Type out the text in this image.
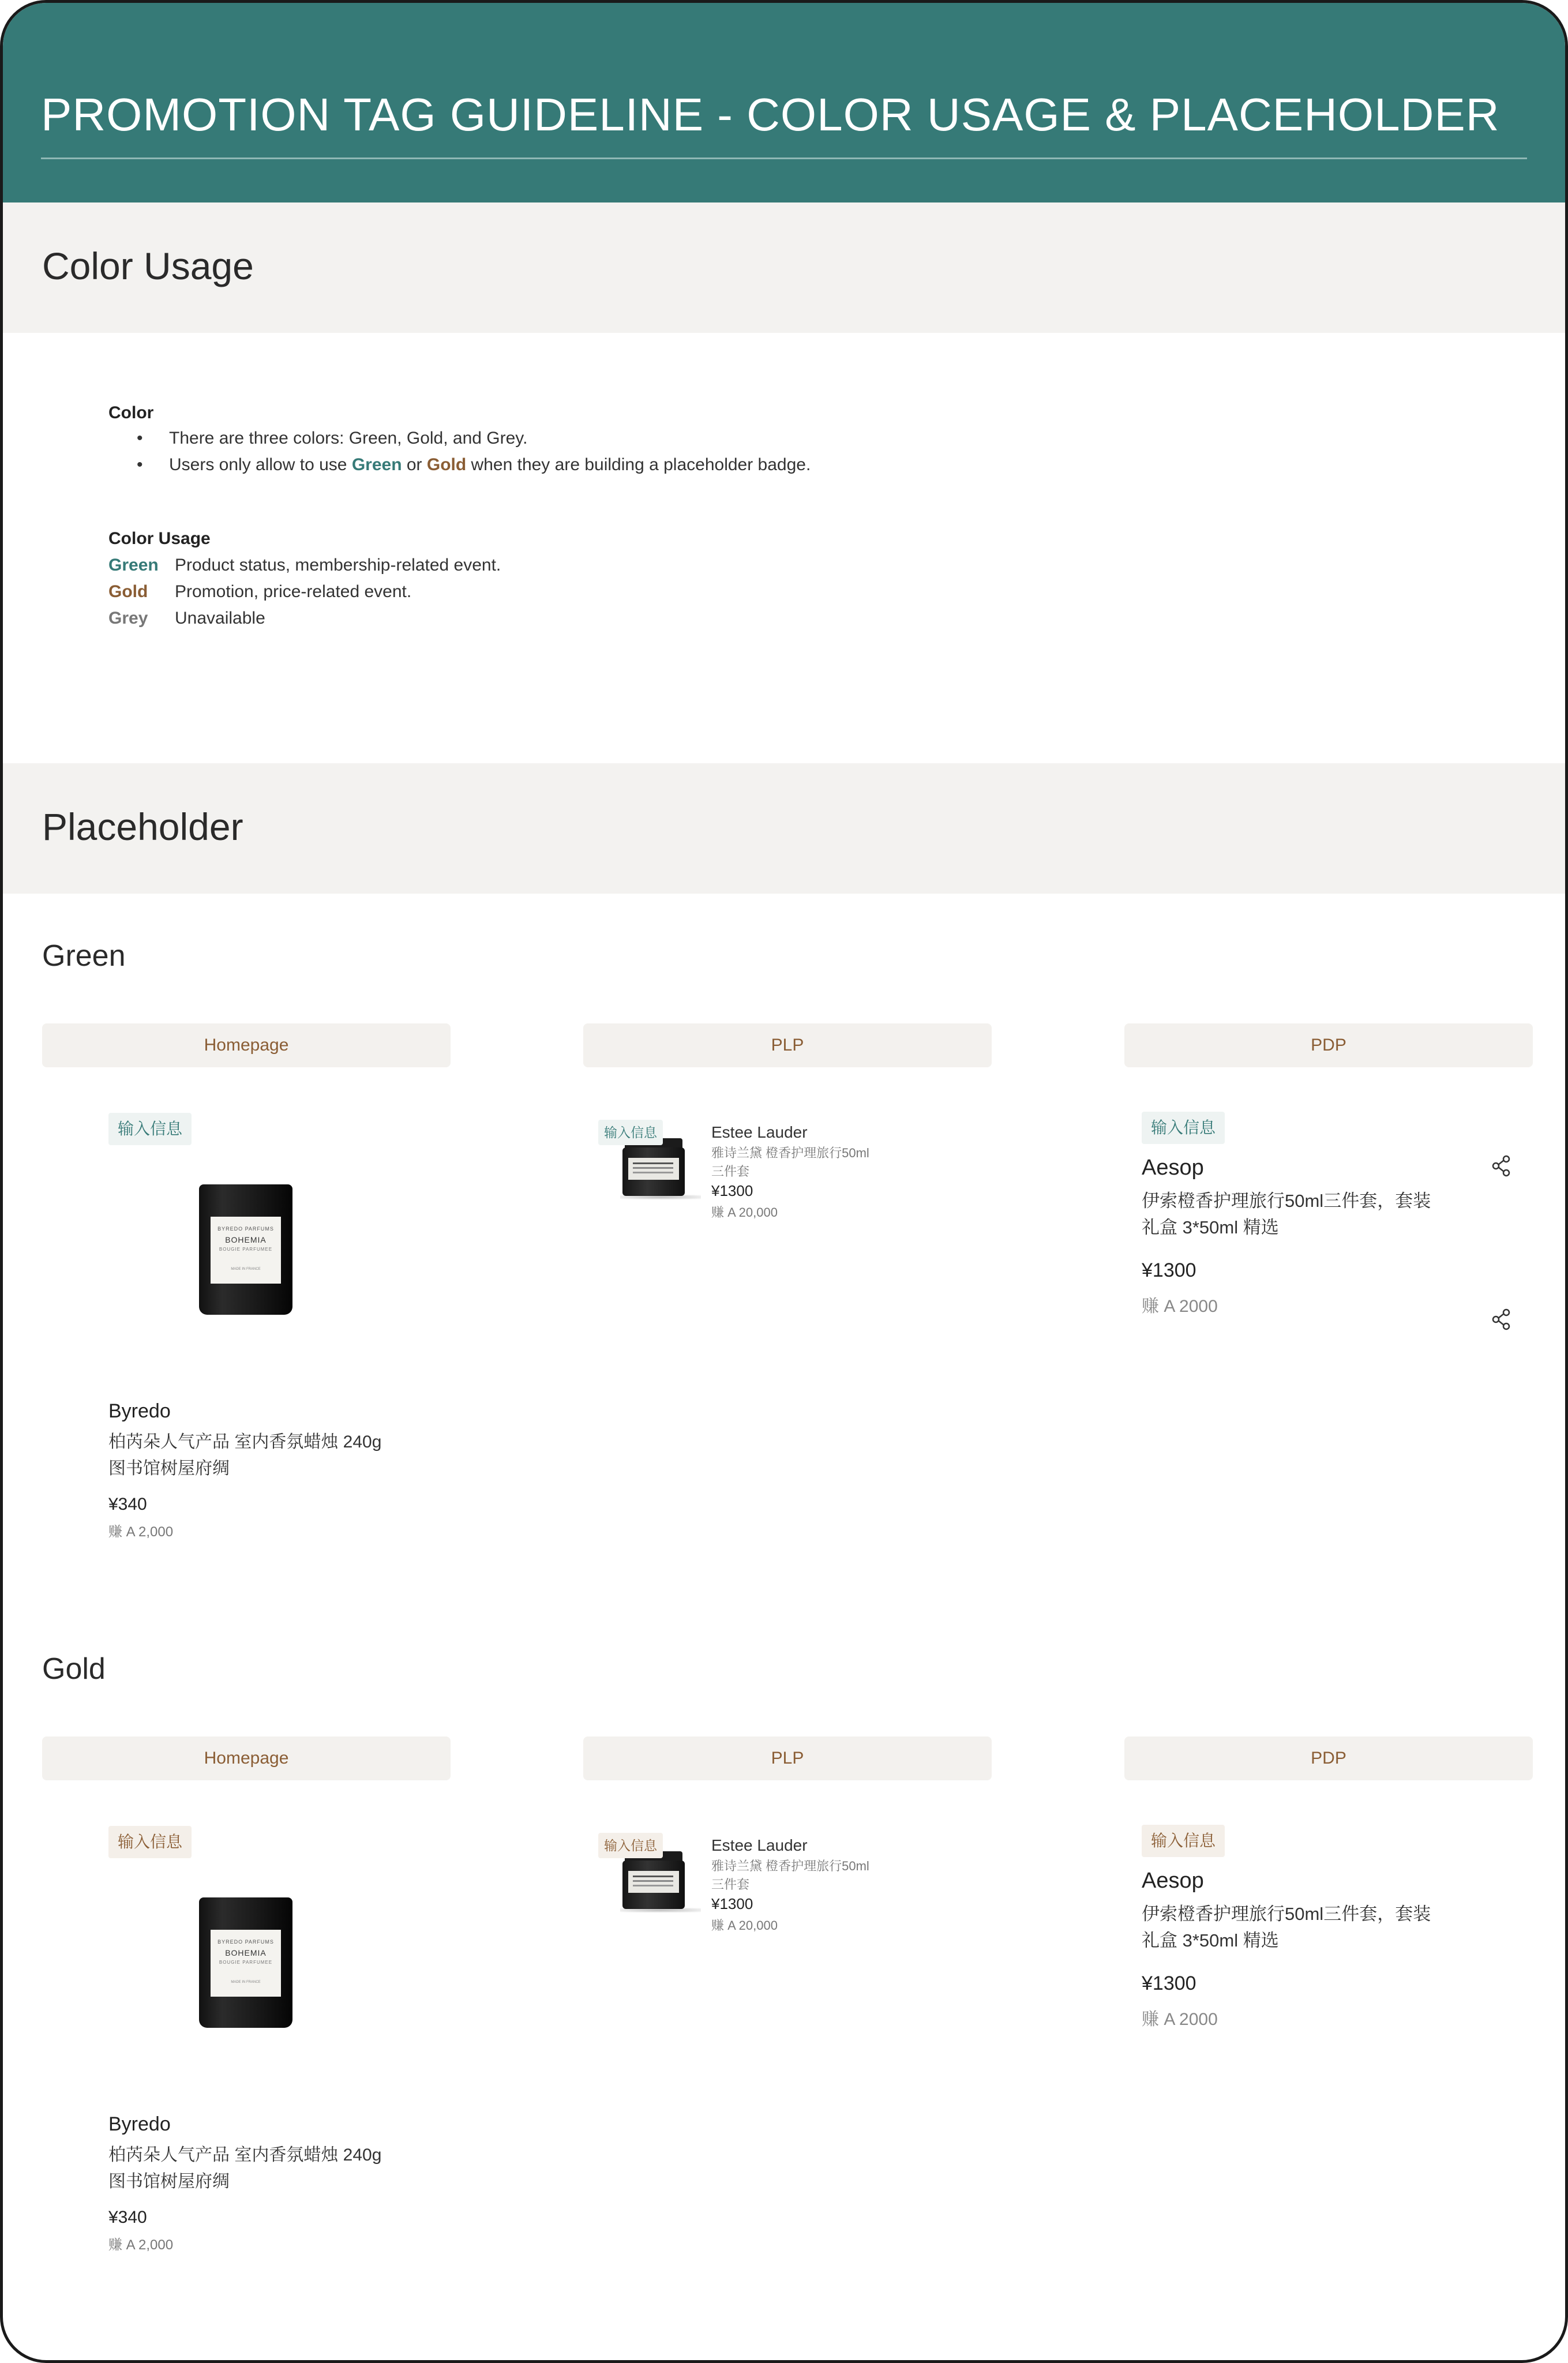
PROMOTION TAG GUIDELINE - COLOR USAGE & PLACEHOLDER
Color Usage
Color
• There are three colors: Green, Gold, and Grey.
• Users only allow to use Green or Gold when they are building a placeholder badge.
Color Usage
Green Product status, membership-related event.
Gold Promotion, price-related event.
Grey Unavailable
Placeholder
Green
Homepage	PLP	PDP
输入信息
BYREDO PARFUMS
BOHEMIA
BOUGIE PARFUMEE
MADE IN FRANCE
Byredo
柏芮朵人气产品 室内香氛蜡烛 240g 图书馆树屋府绸
¥340
赚 A 2,000
输入信息	Estee Lauder
雅诗兰黛 橙香护理旅行50ml 三件套
¥1300
赚 A 20,000
输入信息
Aesop
伊索橙香护理旅行50ml三件套，套装礼盒 3*50ml 精选
¥1300
赚 A 2000
Gold
Homepage	PLP	PDP
输入信息
BYREDO PARFUMS
BOHEMIA
BOUGIE PARFUMEE
MADE IN FRANCE
Byredo
柏芮朵人气产品 室内香氛蜡烛 240g 图书馆树屋府绸
¥340
赚 A 2,000
输入信息	Estee Lauder
雅诗兰黛 橙香护理旅行50ml 三件套
¥1300
赚 A 20,000
输入信息
Aesop
伊索橙香护理旅行50ml三件套，套装礼盒 3*50ml 精选
¥1300
赚 A 2000
